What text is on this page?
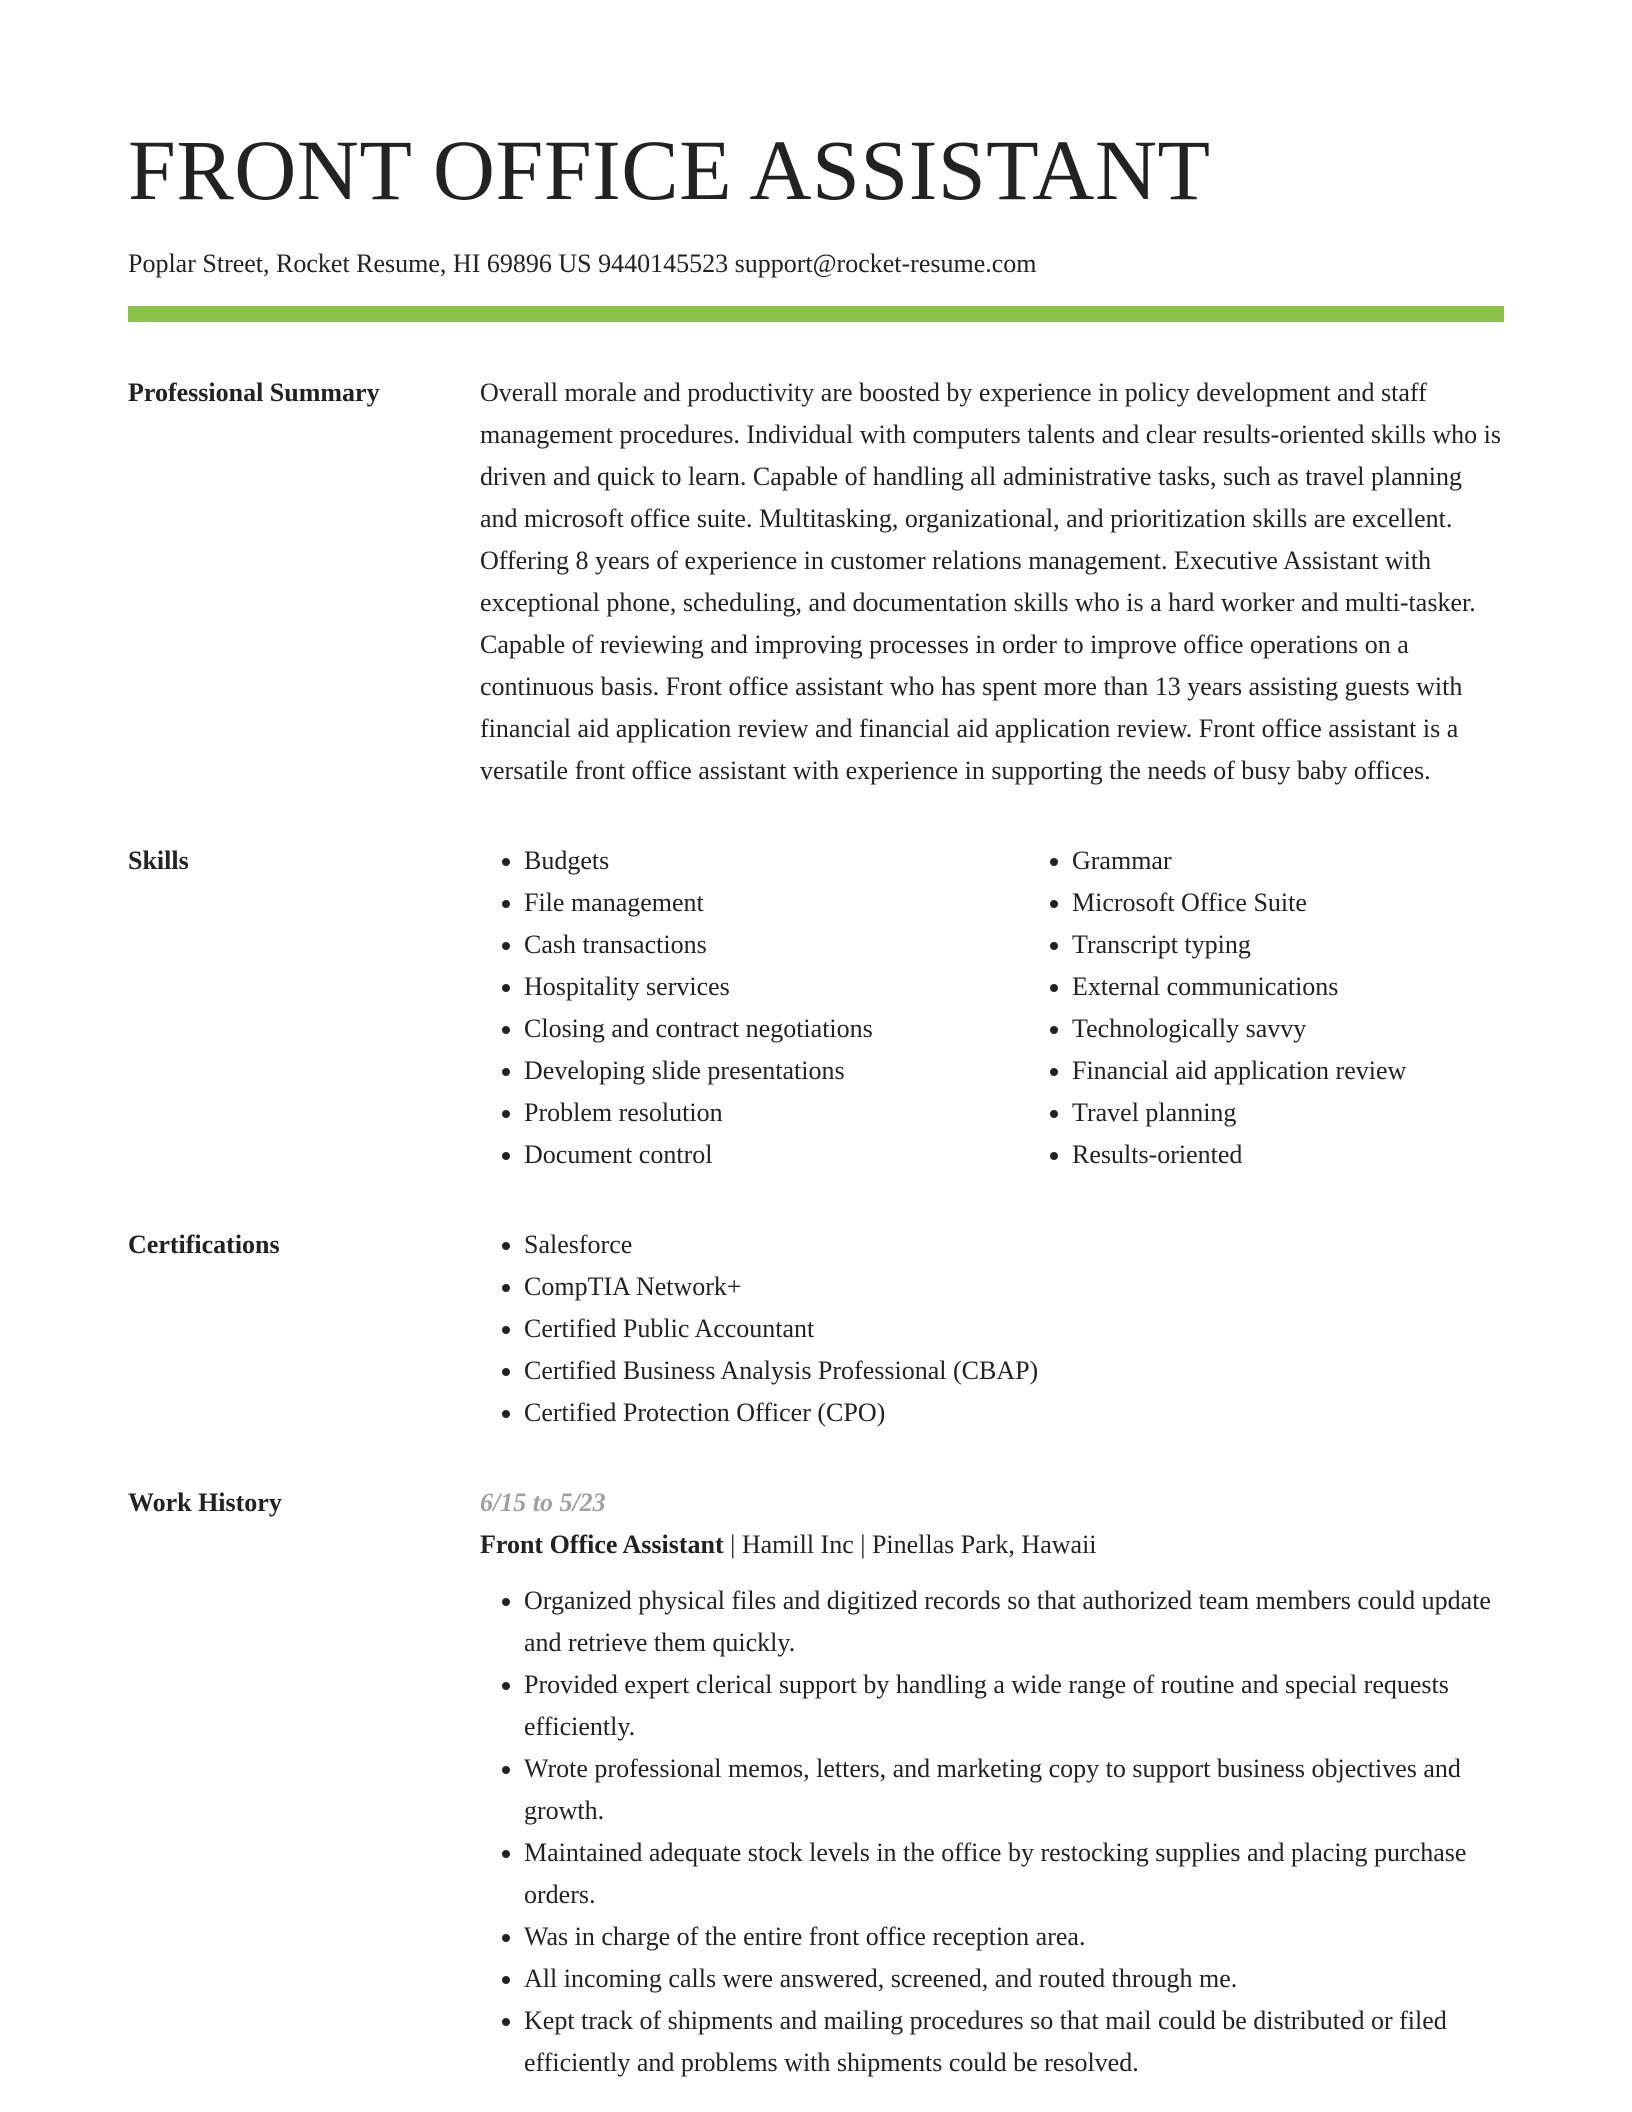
FRONT OFFICE ASSISTANT
Poplar Street, Rocket Resume, HI 69896 US 9440145523 support@rocket-resume.com
Professional Summary	Overall morale and productivity are boosted by experience in policy development and staff management procedures. Individual with computers talents and clear results-oriented skills who is driven and quick to learn. Capable of handling all administrative tasks, such as travel planning and microsoft office suite. Multitasking, organizational, and prioritization skills are excellent. Offering 8 years of experience in customer relations management. Executive Assistant with exceptional phone, scheduling, and documentation skills who is a hard worker and multi-tasker. Capable of reviewing and improving processes in order to improve office operations on a continuous basis. Front office assistant who has spent more than 13 years assisting guests with financial aid application review and financial aid application review. Front office assistant is a versatile front office assistant with experience in supporting the needs of busy baby offices.

Skills	• Budgets
• File management
• Cash transactions
• Hospitality services
• Closing and contract negotiations
• Developing slide presentations
• Problem resolution
• Document control
• Grammar
• Microsoft Office Suite
• Transcript typing
• External communications
• Technologically savvy
• Financial aid application review
• Travel planning
• Results-oriented
Certifications	• Salesforce
• CompTIA Network+
• Certified Public Accountant
• Certified Business Analysis Professional (CBAP)
• Certified Protection Officer (CPO)
Work History	6/15 to 5/23

Front Office Assistant | Hamill Inc | Pinellas Park, Hawaii

• Organized physical files and digitized records so that authorized team members could update and retrieve them quickly.
• Provided expert clerical support by handling a wide range of routine and special requests efficiently.
• Wrote professional memos, letters, and marketing copy to support business objectives and growth.
• Maintained adequate stock levels in the office by restocking supplies and placing purchase orders.
• Was in charge of the entire front office reception area.
• All incoming calls were answered, screened, and routed through me.
• Kept track of shipments and mailing procedures so that mail could be distributed or filed efficiently and problems with shipments could be resolved.
